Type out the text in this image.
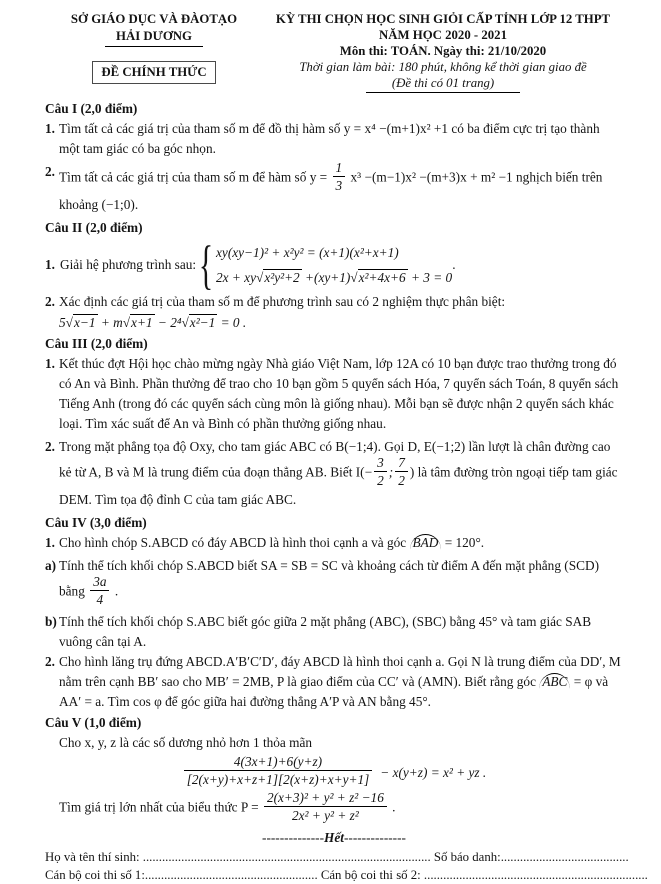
SỞ GIÁO DỤC VÀ ĐÀOTẠO
HẢI DƯƠNG
ĐỀ CHÍNH THỨC
KỲ THI CHỌN HỌC SINH GIỎI CẤP TỈNH LỚP 12 THPT
NĂM HỌC 2020 - 2021
Môn thi: TOÁN. Ngày thi: 21/10/2020
Thời gian làm bài: 180 phút, không kể thời gian giao đề
(Đề thi có 01 trang)
Câu I (2,0 điểm)

1. Tìm tất cả các giá trị của tham số m để đồ thị hàm số y = x⁴ −(m+1)x² +1 có ba điểm cực trị tạo thành một tam giác có ba góc nhọn.

2. Tìm tất cả các giá trị của tham số m để hàm số $y = \frac{1}{3} x^3 -(m-1)x^2 -(m+3)x + m^2 -1$ nghịch biến trên khoảng (−1;0).

Câu II (2,0 điểm)
1. Giải hệ phương trình sau: { xy(xy−1)² + x²y² = (x+1)(x²+x+1)
2x + xy√x²y²+2 +(xy+1)√x²+4x+6 + 3 = 0
.

2. Xác định các giá trị của tham số m để phương trình sau có 2 nghiệm thực phân biệt:

5√x−1 + m√x+1 − 2⁴√x²−1 = 0 .
Câu III (2,0 điểm)

1. Kết thúc đợt Hội học chào mừng ngày Nhà giáo Việt Nam, lớp 12A có 10 bạn được trao thưởng trong đó có An và Bình. Phần thưởng để trao cho 10 bạn gồm 5 quyển sách Hóa, 7 quyển sách Toán, 8 quyển sách Tiếng Anh (trong đó các quyển sách cùng môn là giống nhau). Mỗi bạn sẽ được nhận 2 quyển sách khác loại. Tìm xác suất để An và Bình có phần thưởng giống nhau.

2. Trong mặt phẳng tọa độ Oxy, cho tam giác ABC có B(−1;4). Gọi D, E(−1;2) lần lượt là chân đường cao kẻ từ A, B và M là trung điểm của đoạn thẳng AB. Biết $I(- \frac{3}{2}$ ; $\frac{7}{2}$ ) là tâm đường tròn ngoại tiếp tam giác DEM. Tìm tọa độ đỉnh C của tam giác ABC.

Câu IV (3,0 điểm)

1. Cho hình chóp S.ABCD có đáy ABCD là hình thoi cạnh a và góc BAD = 120°.

a) Tính thể tích khối chóp S.ABCD biết SA = SB = SC và khoảng cách từ điểm A đến mặt phẳng (SCD) bằng $\frac{3a}{4}$ .

b) Tính thể tích khối chóp S.ABC biết góc giữa 2 mặt phẳng (ABC), (SBC) bằng 45° và tam giác SAB vuông cân tại A.

2. Cho hình lăng trụ đứng ABCD.A′B′C′D′, đáy ABCD là hình thoi cạnh a. Gọi N là trung điểm của DD′, M nằm trên cạnh BB′ sao cho MB′ = 2MB, P là giao điểm của CC′ và (AMN). Biết rằng góc ABC = φ và AA′ = a. Tìm cos φ để góc giữa hai đường thẳng A′P và AN bằng 45°.

Câu V (1,0 điểm)

Cho x, y, z là các số dương nhỏ hơn 1 thỏa mãn

$\frac{4(3x+1)+6(y+z)}{[2(x+y)+x+z+1][2(x+z)+x+y+1]} - x(y+z) = x^2$ + yz .

Tìm giá trị lớn nhất của biểu thức $P = \frac{\text{2(x+3)² + y² + z² −16}}{\text{2x² + y² + z²}}$ .

--------------Hết--------------
Họ và tên thí sinh: .......................................................................................... Số báo danh:........................................
Cán bộ coi thi số 1:...................................................... Cán bộ coi thi số 2: ......................................................................
